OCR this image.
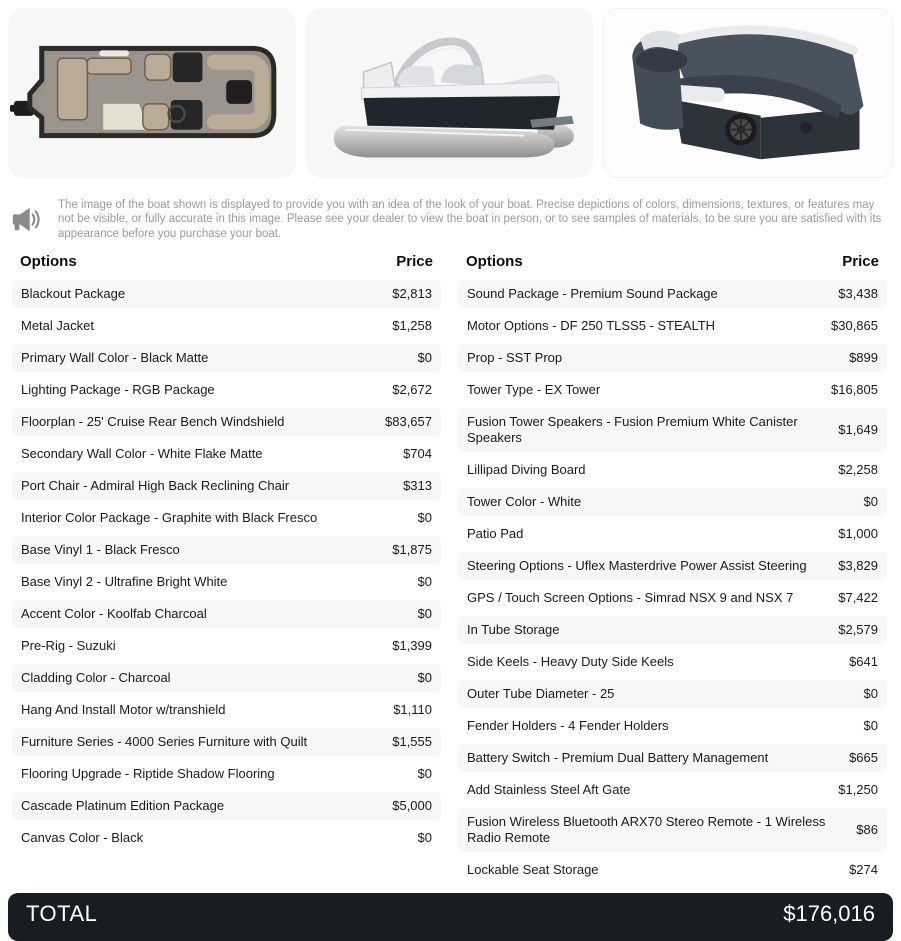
The image of the boat shown is displayed to provide you with an idea of the look of your boat. Precise depictions of colors, dimensions, textures, or features may not be visible, or fully accurate in this image. Please see your dealer to view the boat in person, or to see samples of materials, to be sure you are satisfied with its appearance before you purchase your boat.
Options	Price
Blackout Package	$2,813
Metal Jacket	$1,258
Primary Wall Color - Black Matte	$0
Lighting Package - RGB Package	$2,672
Floorplan - 25' Cruise Rear Bench Windshield	$83,657
Secondary Wall Color - White Flake Matte	$704
Port Chair - Admiral High Back Reclining Chair	$313
Interior Color Package - Graphite with Black Fresco	$0
Base Vinyl 1 - Black Fresco	$1,875
Base Vinyl 2 - Ultrafine Bright White	$0
Accent Color - Koolfab Charcoal	$0
Pre-Rig - Suzuki	$1,399
Cladding Color - Charcoal	$0
Hang And Install Motor w/transhield	$1,110
Furniture Series - 4000 Series Furniture with Quilt	$1,555
Flooring Upgrade - Riptide Shadow Flooring	$0
Cascade Platinum Edition Package	$5,000
Canvas Color - Black	$0
Options	Price
Sound Package - Premium Sound Package	$3,438
Motor Options - DF 250 TLSS5 - STEALTH	$30,865
Prop - SST Prop	$899
Tower Type - EX Tower	$16,805
Fusion Tower Speakers - Fusion Premium White Canister Speakers
$1,649
Lillipad Diving Board	$2,258
Tower Color - White	$0
Patio Pad	$1,000
Steering Options - Uflex Masterdrive Power Assist Steering	$3,829
GPS / Touch Screen Options - Simrad NSX 9 and NSX 7	$7,422
In Tube Storage	$2,579
Side Keels - Heavy Duty Side Keels	$641
Outer Tube Diameter - 25	$0
Fender Holders - 4 Fender Holders	$0
Battery Switch - Premium Dual Battery Management	$665
Add Stainless Steel Aft Gate	$1,250
Fusion Wireless Bluetooth ARX70 Stereo Remote - 1 Wireless Radio Remote
$86
Lockable Seat Storage	$274
TOTAL	$176,016
